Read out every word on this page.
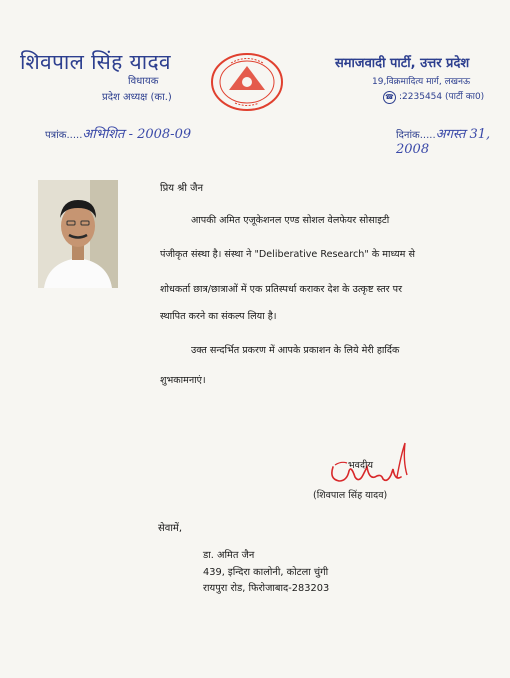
शिवपाल सिंह यादव
विधायक
प्रदेश अध्यक्ष (का.)
समाजवादी पार्टी, उत्तर प्रदेश
19,विक्रमादित्य मार्ग, लखनऊ
☎ :2235454 (पार्टी का0)
पत्रांक.....अभिशित - 2008-09	दिनांक.....अगस्त 31, 2008
प्रिय श्री जैन
आपकी अमित एजूकेशनल एण्ड सोशल वेलफेयर सोसाइटी
पंजीकृत संस्था है। संस्था ने "Deliberative Research" के माध्यम से
शोधकर्ता छात्र/छात्राओं में एक प्रतिस्पर्धा कराकर देश के उत्कृष्ट स्तर पर
स्थापित करने का संकल्प लिया है।
उक्त सन्दर्भित प्रकरण में आपके प्रकाशन के लिये मेरी हार्दिक
शुभकामनाएं।
भवदीय
(शिवपाल सिंह यादव)
सेवामें,
डा. अमित जैन
439, इन्दिरा कालोनी, कोटला चुंगी
रायपुरा रोड, फिरोजाबाद-283203
